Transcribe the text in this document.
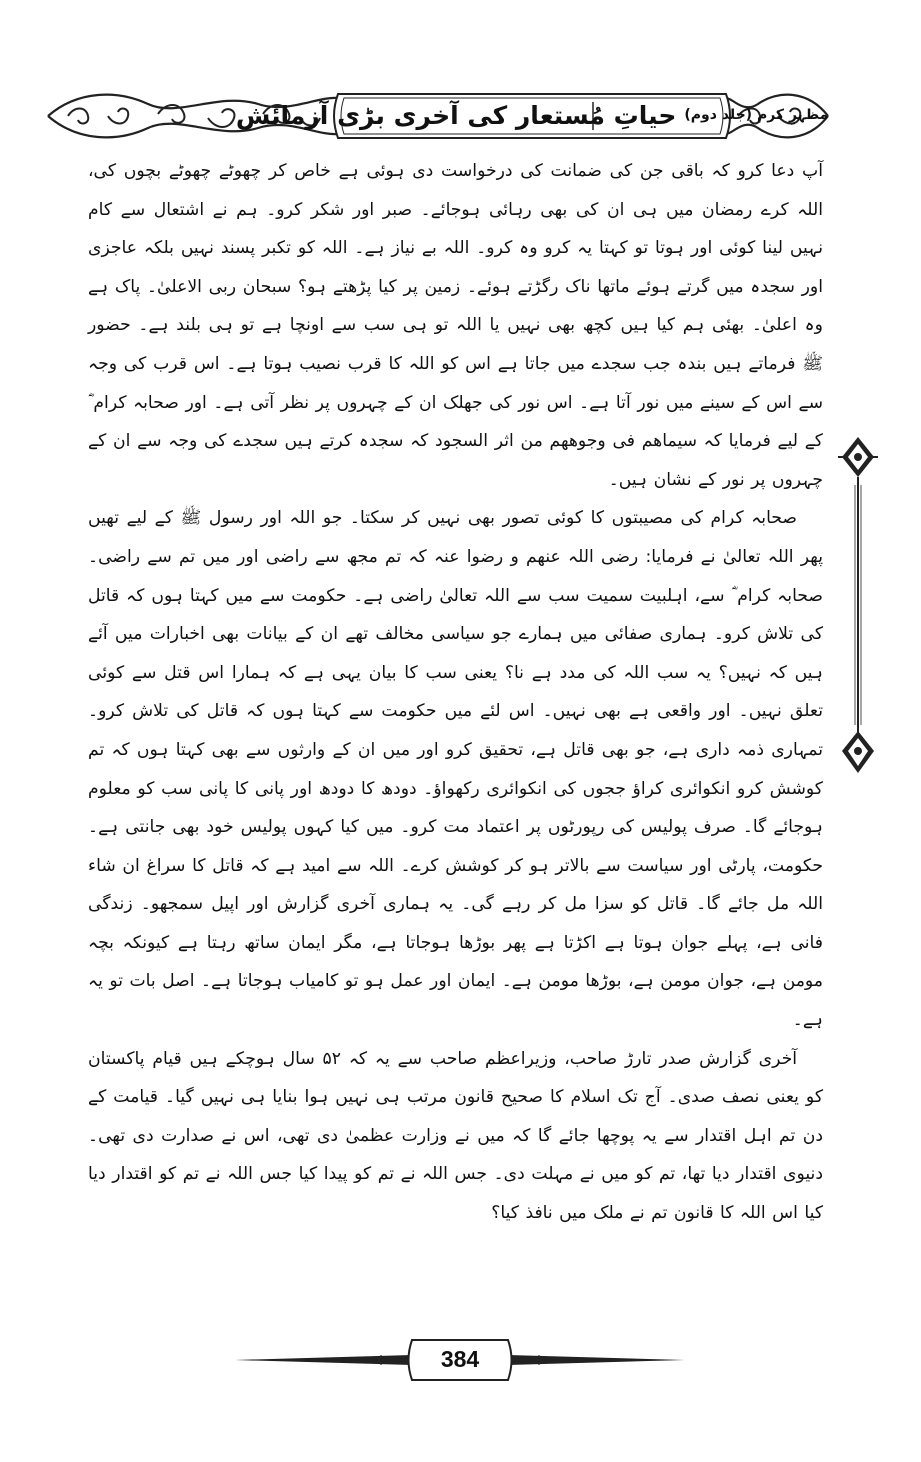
مظہرِ کرم (جلد دوم)
حیاتِ مُستعار کی آخری بڑی آزمائش

آپ دعا کرو کہ باقی جن کی ضمانت کی درخواست دی ہوئی ہے خاص کر چھوٹے چھوٹے بچوں کی، اللہ کرے رمضان میں ہی ان کی بھی رہائی ہوجائے۔ صبر اور شکر کرو۔ ہم نے اشتعال سے کام نہیں لینا کوئی اور ہوتا تو کہتا یہ کرو وہ کرو۔ اللہ بے نیاز ہے۔ اللہ کو تکبر پسند نہیں بلکہ عاجزی اور سجدہ میں گرتے ہوئے ماتھا ناک رگڑتے ہوئے۔ زمین پر کیا پڑھتے ہو؟ سبحان ربی الاعلیٰ۔ پاک ہے وہ اعلیٰ۔ بھئی ہم کیا ہیں کچھ بھی نہیں یا اللہ تو ہی سب سے اونچا ہے تو ہی بلند ہے۔ حضور ﷺ فرماتے ہیں بندہ جب سجدے میں جاتا ہے اس کو اللہ کا قرب نصیب ہوتا ہے۔ اس قرب کی وجہ سے اس کے سینے میں نور آتا ہے۔ اس نور کی جھلک ان کے چہروں پر نظر آتی ہے۔ اور صحابہ کرام ؓ کے لیے فرمایا کہ سیماھم فی وجوھھم من اثر السجود کہ سجدہ کرتے ہیں سجدے کی وجہ سے ان کے چہروں پر نور کے نشان ہیں۔

صحابہ کرام کی مصیبتوں کا کوئی تصور بھی نہیں کر سکتا۔ جو اللہ اور رسول ﷺ کے لیے تھیں پھر اللہ تعالیٰ نے فرمایا: رضی اللہ عنھم و رضوا عنہ کہ تم مجھ سے راضی اور میں تم سے راضی۔ صحابہ کرام ؓ سے، اہلبیت سمیت سب سے اللہ تعالیٰ راضی ہے۔ حکومت سے میں کہتا ہوں کہ قاتل کی تلاش کرو۔ ہماری صفائی میں ہمارے جو سیاسی مخالف تھے ان کے بیانات بھی اخبارات میں آئے ہیں کہ نہیں؟ یہ سب اللہ کی مدد ہے نا؟ یعنی سب کا بیان یہی ہے کہ ہمارا اس قتل سے کوئی تعلق نہیں۔ اور واقعی ہے بھی نہیں۔ اس لئے میں حکومت سے کہتا ہوں کہ قاتل کی تلاش کرو۔ تمہاری ذمہ داری ہے، جو بھی قاتل ہے، تحقیق کرو اور میں ان کے وارثوں سے بھی کہتا ہوں کہ تم کوشش کرو انکوائری کراؤ ججوں کی انکوائری رکھواؤ۔ دودھ کا دودھ اور پانی کا پانی سب کو معلوم ہوجائے گا۔ صرف پولیس کی رپورٹوں پر اعتماد مت کرو۔ میں کیا کہوں پولیس خود بھی جانتی ہے۔ حکومت، پارٹی اور سیاست سے بالاتر ہو کر کوشش کرے۔ اللہ سے امید ہے کہ قاتل کا سراغ ان شاء اللہ مل جائے گا۔ قاتل کو سزا مل کر رہے گی۔ یہ ہماری آخری گزارش اور اپیل سمجھو۔ زندگی فانی ہے، پہلے جوان ہوتا ہے اکڑتا ہے پھر بوڑھا ہوجاتا ہے، مگر ایمان ساتھ رہتا ہے کیونکہ بچہ مومن ہے، جوان مومن ہے، بوڑھا مومن ہے۔ ایمان اور عمل ہو تو کامیاب ہوجاتا ہے۔ اصل بات تو یہ ہے۔

آخری گزارش صدر تارڑ صاحب، وزیراعظم صاحب سے یہ کہ ۵۲ سال ہوچکے ہیں قیام پاکستان کو یعنی نصف صدی۔ آج تک اسلام کا صحیح قانون مرتب ہی نہیں ہوا بنایا ہی نہیں گیا۔ قیامت کے دن تم اہل اقتدار سے یہ پوچھا جائے گا کہ میں نے وزارت عظمیٰ دی تھی، اس نے صدارت دی تھی۔ دنیوی اقتدار دیا تھا، تم کو میں نے مہلت دی۔ جس اللہ نے تم کو پیدا کیا جس اللہ نے تم کو اقتدار دیا کیا اس اللہ کا قانون تم نے ملک میں نافذ کیا؟

384
